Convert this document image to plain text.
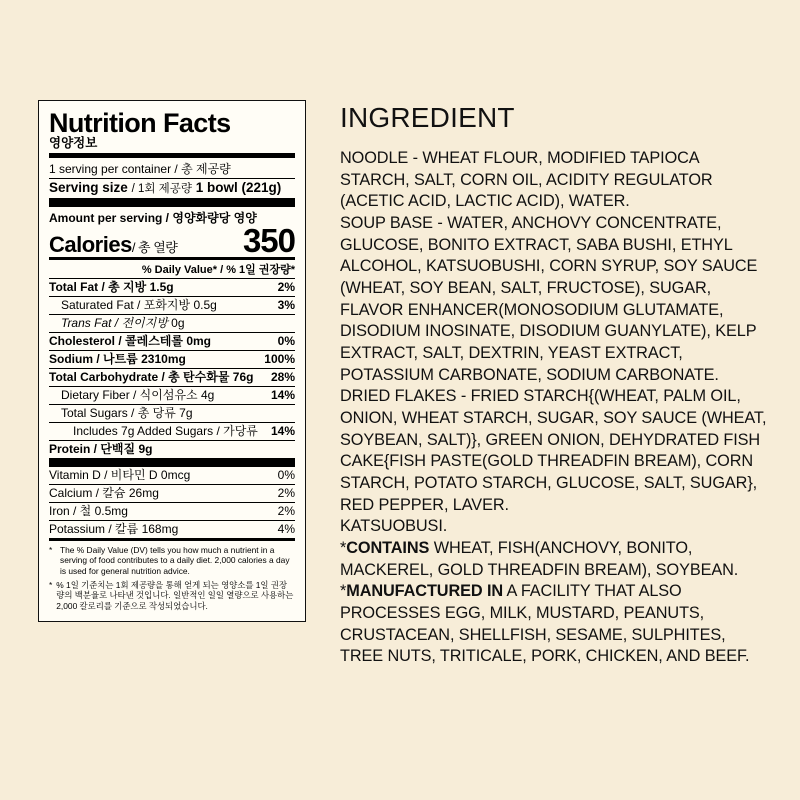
Nutrition Facts
영양정보
1 serving per container / 총 제공량
Serving size / 1회 제공량 1 bowl (221g)
Amount per serving / 영양화량당 영양
Calories/ 총 열량 350
% Daily Value* / % 1일 권장량*
Total Fat / 총 지방 1.5g	2%
Saturated Fat / 포화지방 0.5g	3%
Trans Fat / 전이지방 0g
Cholesterol / 콜레스테롤 0mg	0%
Sodium / 나트륨 2310mg	100%
Total Carbohydrate / 총 탄수화물 76g	28%
Dietary Fiber / 식이섬유소 4g	14%
Total Sugars / 총 당류 7g
Includes 7g Added Sugars / 가당류
14%
Protein / 단백질 9g
Vitamin D / 비타민 D 0mcg	0%
Calcium / 칼슘 26mg	2%
Iron / 철 0.5mg	2%
Potassium / 칼륨 168mg	4%
* The % Daily Value (DV) tells you how much a nutrient in a serving of food contributes to a daily diet. 2,000 calories a day is used for general nutrition advice.
* % 1일 기준치는 1회 제공량을 통해 얻게 되는 영양소를 1일 권장량의 백분율로 나타낸 것입니다. 일반적인 일일 열량으로 사용하는 2,000 칼로리를 기준으로 작성되었습니다.
INGREDIENT

NOODLE - WHEAT FLOUR, MODIFIED TAPIOCA STARCH, SALT, CORN OIL, ACIDITY REGULATOR (ACETIC ACID, LACTIC ACID), WATER.

SOUP BASE - WATER, ANCHOVY CONCENTRATE, GLUCOSE, BONITO EXTRACT, SABA BUSHI, ETHYL ALCOHOL, KATSUOBUSHI, CORN SYRUP, SOY SAUCE (WHEAT, SOY BEAN, SALT, FRUCTOSE), SUGAR, FLAVOR ENHANCER(MONOSODIUM GLUTAMATE, DISODIUM INOSINATE, DISODIUM GUANYLATE), KELP EXTRACT, SALT, DEXTRIN, YEAST EXTRACT, POTASSIUM CARBONATE, SODIUM CARBONATE.

DRIED FLAKES - FRIED STARCH{(WHEAT, PALM OIL, ONION, WHEAT STARCH, SUGAR, SOY SAUCE (WHEAT, SOYBEAN, SALT)}, GREEN ONION, DEHYDRATED FISH CAKE{FISH PASTE(GOLD THREADFIN BREAM), CORN STARCH, POTATO STARCH, GLUCOSE, SALT, SUGAR}, RED PEPPER, LAVER.

KATSUOBUSI.

*CONTAINS WHEAT, FISH(ANCHOVY, BONITO, MACKEREL, GOLD THREADFIN BREAM), SOYBEAN.

*MANUFACTURED IN A FACILITY THAT ALSO PROCESSES EGG, MILK, MUSTARD, PEANUTS, CRUSTACEAN, SHELLFISH, SESAME, SULPHITES, TREE NUTS, TRITICALE, PORK, CHICKEN, AND BEEF.
